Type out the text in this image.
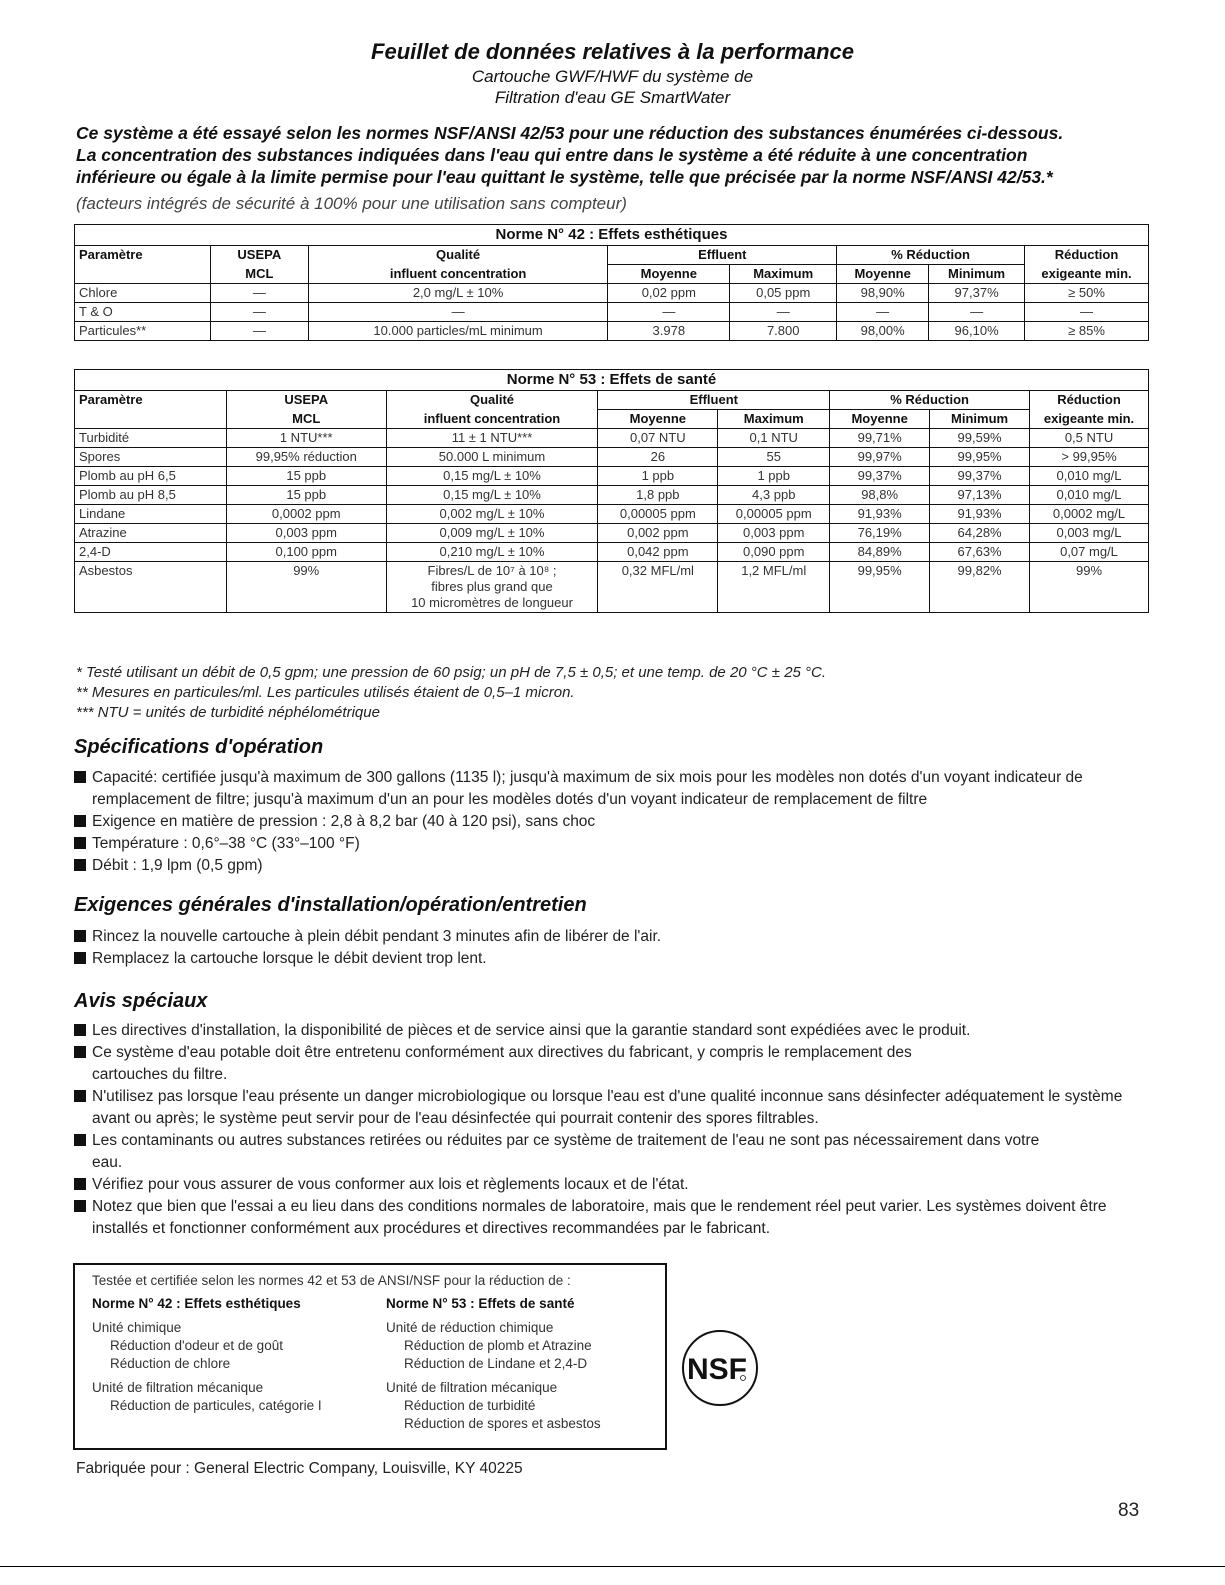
Feuillet de données relatives à la performance
Cartouche GWF/HWF du système de
Filtration d'eau GE SmartWater
Ce système a été essayé selon les normes NSF/ANSI 42/53 pour une réduction des substances énumérées ci-dessous.
La concentration des substances indiquées dans l'eau qui entre dans le système a été réduite à une concentration
inférieure ou égale à la limite permise pour l'eau quittant le système, telle que précisée par la norme NSF/ANSI 42/53.*
(facteurs intégrés de sécurité à 100% pour une utilisation sans compteur)
Norme N° 42 : Effets esthétiques							
Paramètre	USEPA	Qualité	Effluent		% Réduction		Réduction
	MCL	influent concentration	Moyenne	Maximum	Moyenne	Minimum	exigeante min.
Chlore	—	2,0 mg/L ± 10%	0,02 ppm	0,05 ppm	98,90%	97,37%	≥ 50%
T & O	—	—	—	—	—	—	—
Particules**	—	10.000 particles/mL minimum	3.978	7.800	98,00%	96,10%	≥ 85%
Norme N° 53 : Effets de santé							
Paramètre	USEPA	Qualité	Effluent		% Réduction		Réduction
	MCL	influent concentration	Moyenne	Maximum	Moyenne	Minimum	exigeante min.
Turbidité	1 NTU***	11 ± 1 NTU***	0,07 NTU	0,1 NTU	99,71%	99,59%	0,5 NTU
Spores	99,95% réduction	50.000 L minimum	26	55	99,97%	99,95%	> 99,95%
Plomb au pH 6,5	15 ppb	0,15 mg/L ± 10%	1 ppb	1 ppb	99,37%	99,37%	0,010 mg/L
Plomb au pH 8,5	15 ppb	0,15 mg/L ± 10%	1,8 ppb	4,3 ppb	98,8%	97,13%	0,010 mg/L
Lindane	0,0002 ppm	0,002 mg/L ± 10%	0,00005 ppm	0,00005 ppm	91,93%	91,93%	0,0002 mg/L
Atrazine	0,003 ppm	0,009 mg/L ± 10%	0,002 ppm	0,003 ppm	76,19%	64,28%	0,003 mg/L
2,4-D	0,100 ppm	0,210 mg/L ± 10%	0,042 ppm	0,090 ppm	84,89%	67,63%	0,07 mg/L
Asbestos	99%	Fibres/L de 10⁷ à 10⁸ ;
fibres plus grand que
10 micromètres de longueur	0,32 MFL/ml	1,2 MFL/ml	99,95%	99,82%	99%
* Testé utilisant un débit de 0,5 gpm; une pression de 60 psig; un pH de 7,5 ± 0,5; et une temp. de 20 °C ± 25 °C.
** Mesures en particules/ml. Les particules utilisés étaient de 0,5–1 micron.
*** NTU = unités de turbidité néphélométrique
Spécifications d'opération
Capacité: certifiée jusqu'à maximum de 300 gallons (1135 l); jusqu'à maximum de six mois pour les modèles non dotés d'un voyant indicateur de remplacement de filtre; jusqu'à maximum d'un an pour les modèles dotés d'un voyant indicateur de remplacement de filtre
Exigence en matière de pression : 2,8 à 8,2 bar (40 à 120 psi), sans choc
Température : 0,6°–38 °C (33°–100 °F)
Débit : 1,9 lpm (0,5 gpm)
Exigences générales d'installation/opération/entretien
Rincez la nouvelle cartouche à plein débit pendant 3 minutes afin de libérer de l'air.
Remplacez la cartouche lorsque le débit devient trop lent.
Avis spéciaux
Les directives d'installation, la disponibilité de pièces et de service ainsi que la garantie standard sont expédiées avec le produit.
Ce système d'eau potable doit être entretenu conformément aux directives du fabricant, y compris le remplacement des cartouches du filtre.
N'utilisez pas lorsque l'eau présente un danger microbiologique ou lorsque l'eau est d'une qualité inconnue sans désinfecter adéquatement le système avant ou après; le système peut servir pour de l'eau désinfectée qui pourrait contenir des spores filtrables.
Les contaminants ou autres substances retirées ou réduites par ce système de traitement de l'eau ne sont pas nécessairement dans votre eau.
Vérifiez pour vous assurer de vous conformer aux lois et règlements locaux et de l'état.
Notez que bien que l'essai a eu lieu dans des conditions normales de laboratoire, mais que le rendement réel peut varier. Les systèmes doivent être installés et fonctionner conformément aux procédures et directives recommandées par le fabricant.
Testée et certifiée selon les normes 42 et 53 de ANSI/NSF pour la réduction de :
Norme N° 42 : Effets esthétiques
Unité chimique
Réduction d'odeur et de goût
Réduction de chlore
Unité de filtration mécanique
Réduction de particules, catégorie I
Norme N° 53 : Effets de santé
Unité de réduction chimique
Réduction de plomb et Atrazine
Réduction de Lindane et 2,4-D
Unité de filtration mécanique
Réduction de turbidité
Réduction de spores et asbestos
NSF
Fabriquée pour : General Electric Company, Louisville, KY 40225
83
